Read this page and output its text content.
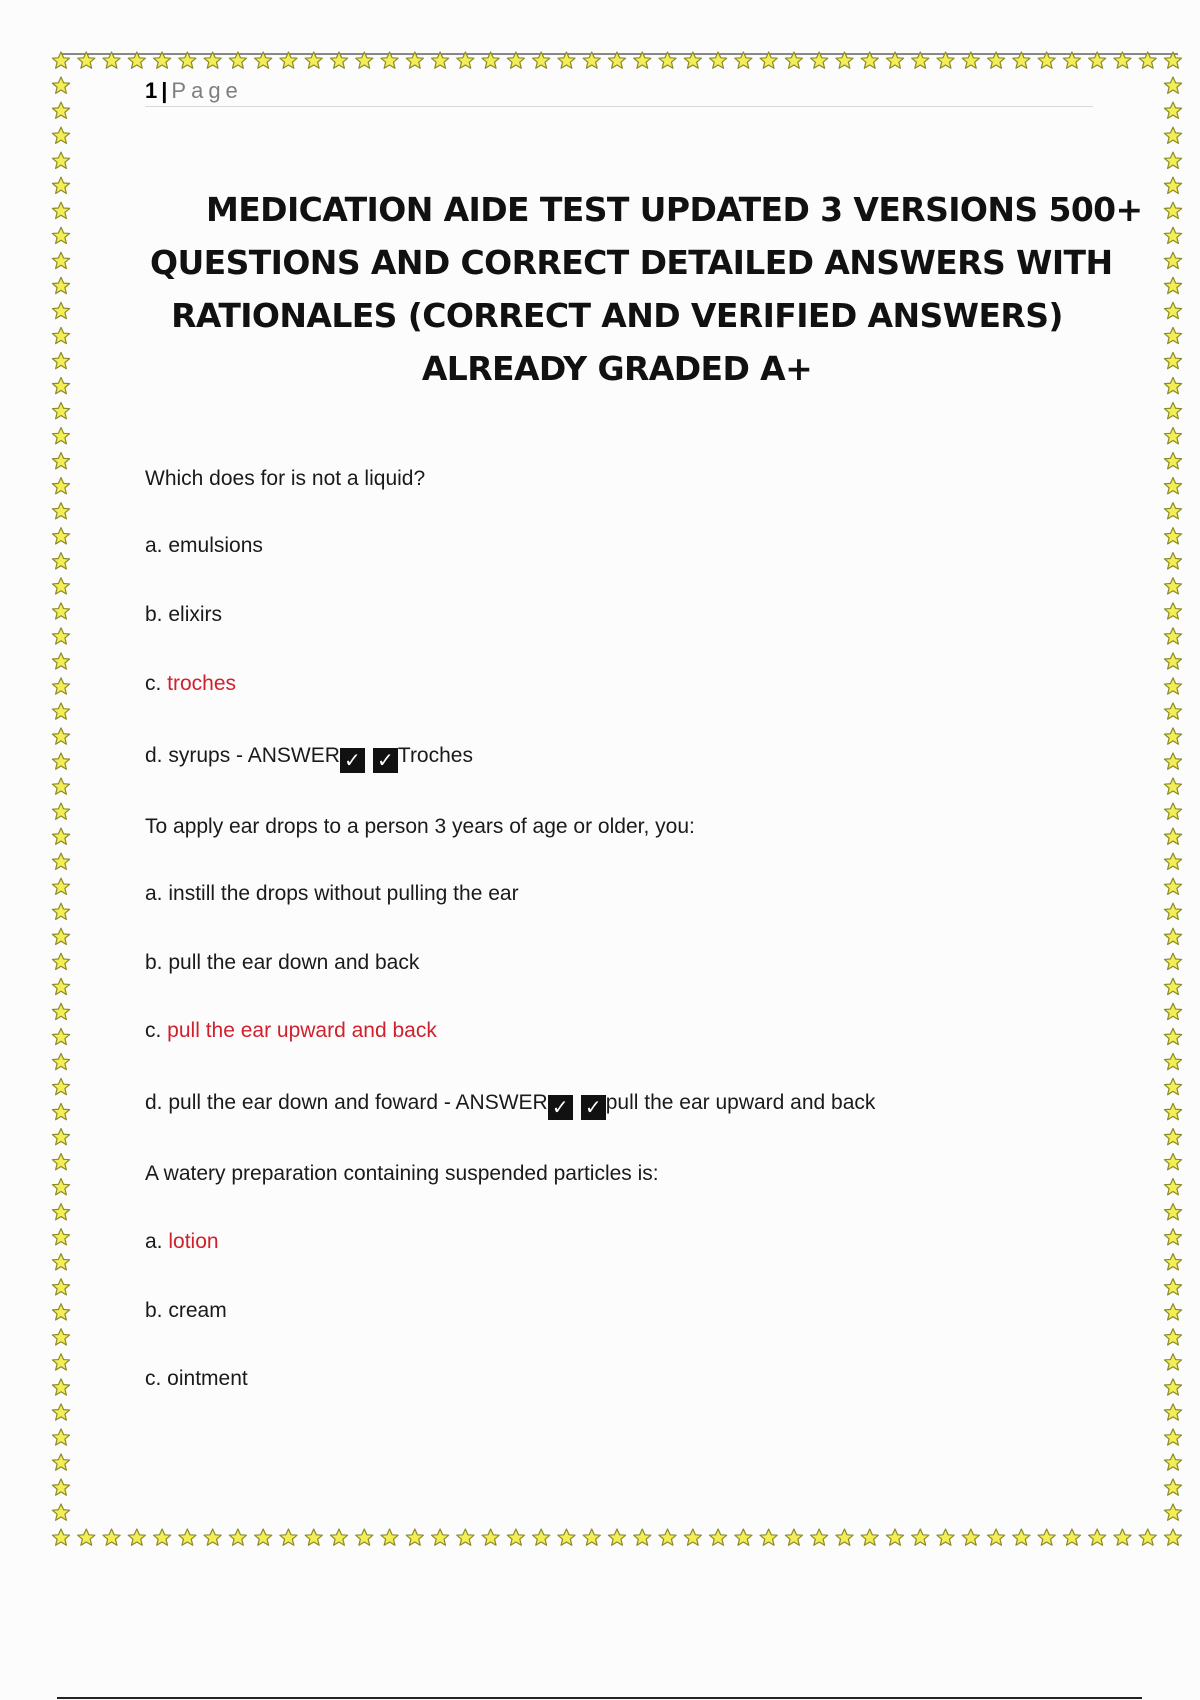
1 | Page
MEDICATION AIDE TEST UPDATED 3 VERSIONS 500+
QUESTIONS AND CORRECT DETAILED ANSWERS WITH
RATIONALES (CORRECT AND VERIFIED ANSWERS)
ALREADY GRADED A+
Which does for is not a liquid?
a. emulsions
b. elixirs
c. troches
d. syrups - ANSWER ✓ ✓ Troches
To apply ear drops to a person 3 years of age or older, you:
a. instill the drops without pulling the ear
b. pull the ear down and back
c. pull the ear upward and back
d. pull the ear down and foward - ANSWER ✓ ✓ pull the ear upward and back
A watery preparation containing suspended particles is:
a. lotion
b. cream
c. ointment
